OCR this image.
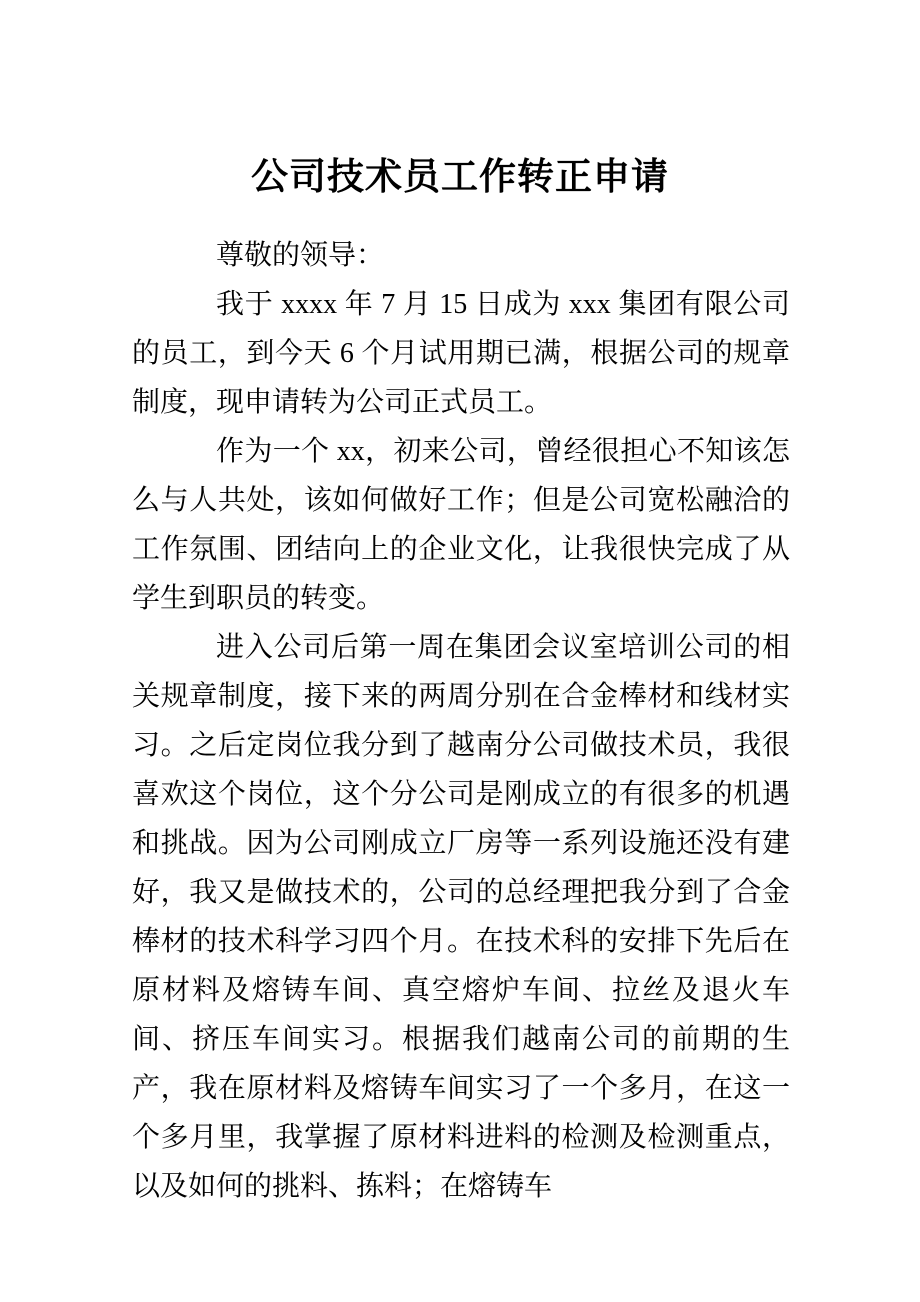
公司技术员工作转正申请

尊敬的领导：

我于 xxxx 年 7 月 15 日成为 xxx 集团有限公司的员工，到今天 6 个月试用期已满，根据公司的规章制度，现申请转为公司正式员工。

作为一个 xx，初来公司，曾经很担心不知该怎么与人共处，该如何做好工作；但是公司宽松融洽的工作氛围、团结向上的企业文化，让我很快完成了从学生到职员的转变。

进入公司后第一周在集团会议室培训公司的相关规章制度，接下来的两周分别在合金棒材和线材实习。之后定岗位我分到了越南分公司做技术员，我很喜欢这个岗位，这个分公司是刚成立的有很多的机遇和挑战。因为公司刚成立厂房等一系列设施还没有建好，我又是做技术的，公司的总经理把我分到了合金棒材的技术科学习四个月。在技术科的安排下先后在原材料及熔铸车间、真空熔炉车间、拉丝及退火车间、挤压车间实习。根据我们越南公司的前期的生产，我在原材料及熔铸车间实习了一个多月，在这一个多月里，我掌握了原材料进料的检测及检测重点，以及如何的挑料、拣料；在熔铸车
